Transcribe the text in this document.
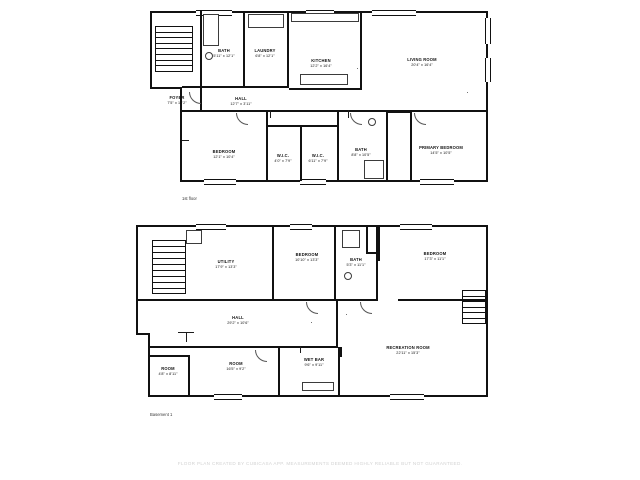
BATH
5'11" x 12'1"
LAUNDRY
6'8" x 12'1"
KITCHEN
12'2" x 16'4"
LIVING ROOM
20'4" x 16'4"
FOYER
7'5" x 10'2"
HALL
12'7" x 3'11"
BEDROOM
12'1" x 10'4"	W.I.C.
4'0" x 7'9"
W.I.C.
6'11" x 7'9"
BATH
8'8" x 10'5"
PRIMARY BEDROOM
14'5" x 10'5"
1st floor
UTILITY
17'9" x 13'3"
BEDROOM
10'10" x 13'3"	BATH
5'3" x 11'1"
BEDROOM
17'3" x 11'1"
HALL
29'2" x 10'6"
ROOM
4'8" x 8'11"
ROOM
16'5" x 9'2"
WET BAR
9'6" x 9'11"
RECREATION ROOM
22'11" x 15'3"
Basement 1
FLOOR PLAN CREATED BY CUBICASA APP. MEASUREMENTS DEEMED HIGHLY RELIABLE BUT NOT GUARANTEED.
